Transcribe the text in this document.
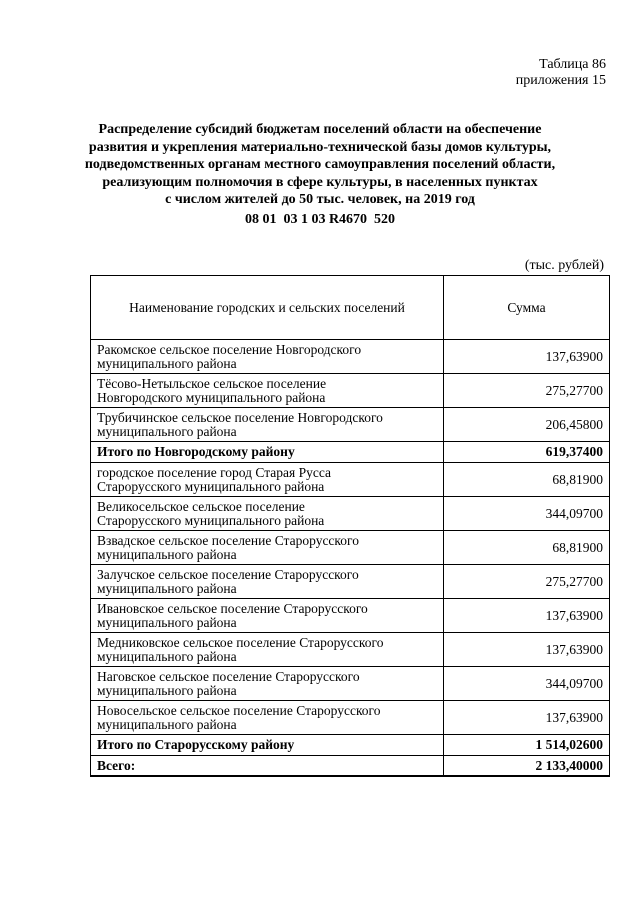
Таблица 86
приложения 15
Распределение субсидий бюджетам поселений области на обеспечение
развития и укрепления материально-технической базы домов культуры,
подведомственных органам местного самоуправления поселений области,
реализующим полномочия в сфере культуры, в населенных пунктах
с числом жителей до 50 тыс. человек, на 2019 год
08 01  03 1 03 R4670  520
(тыс. рублей)
Наименование городских и сельских поселений	Сумма

Ракомское сельское поселение Новгородского
муниципального района	137,63900

Тёсово-Нетыльское сельское поселение
Новгородского муниципального района	275,27700

Трубичинское сельское поселение Новгородского
муниципального района	206,45800
Итого по Новгородскому району	619,37400

городское поселение город Старая Русса
Старорусского муниципального района	68,81900

Великосельское сельское поселение
Старорусского муниципального района	344,09700

Взвадское сельское поселение Старорусского
муниципального района	68,81900

Залучское сельское поселение Старорусского
муниципального района	275,27700

Ивановское сельское поселение Старорусского
муниципального района	137,63900

Медниковское сельское поселение Старорусского
муниципального района	137,63900

Наговское сельское поселение Старорусского
муниципального района	344,09700

Новосельское сельское поселение Старорусского
муниципального района	137,63900
Итого по Старорусскому району	1 514,02600
Всего:	2 133,40000
